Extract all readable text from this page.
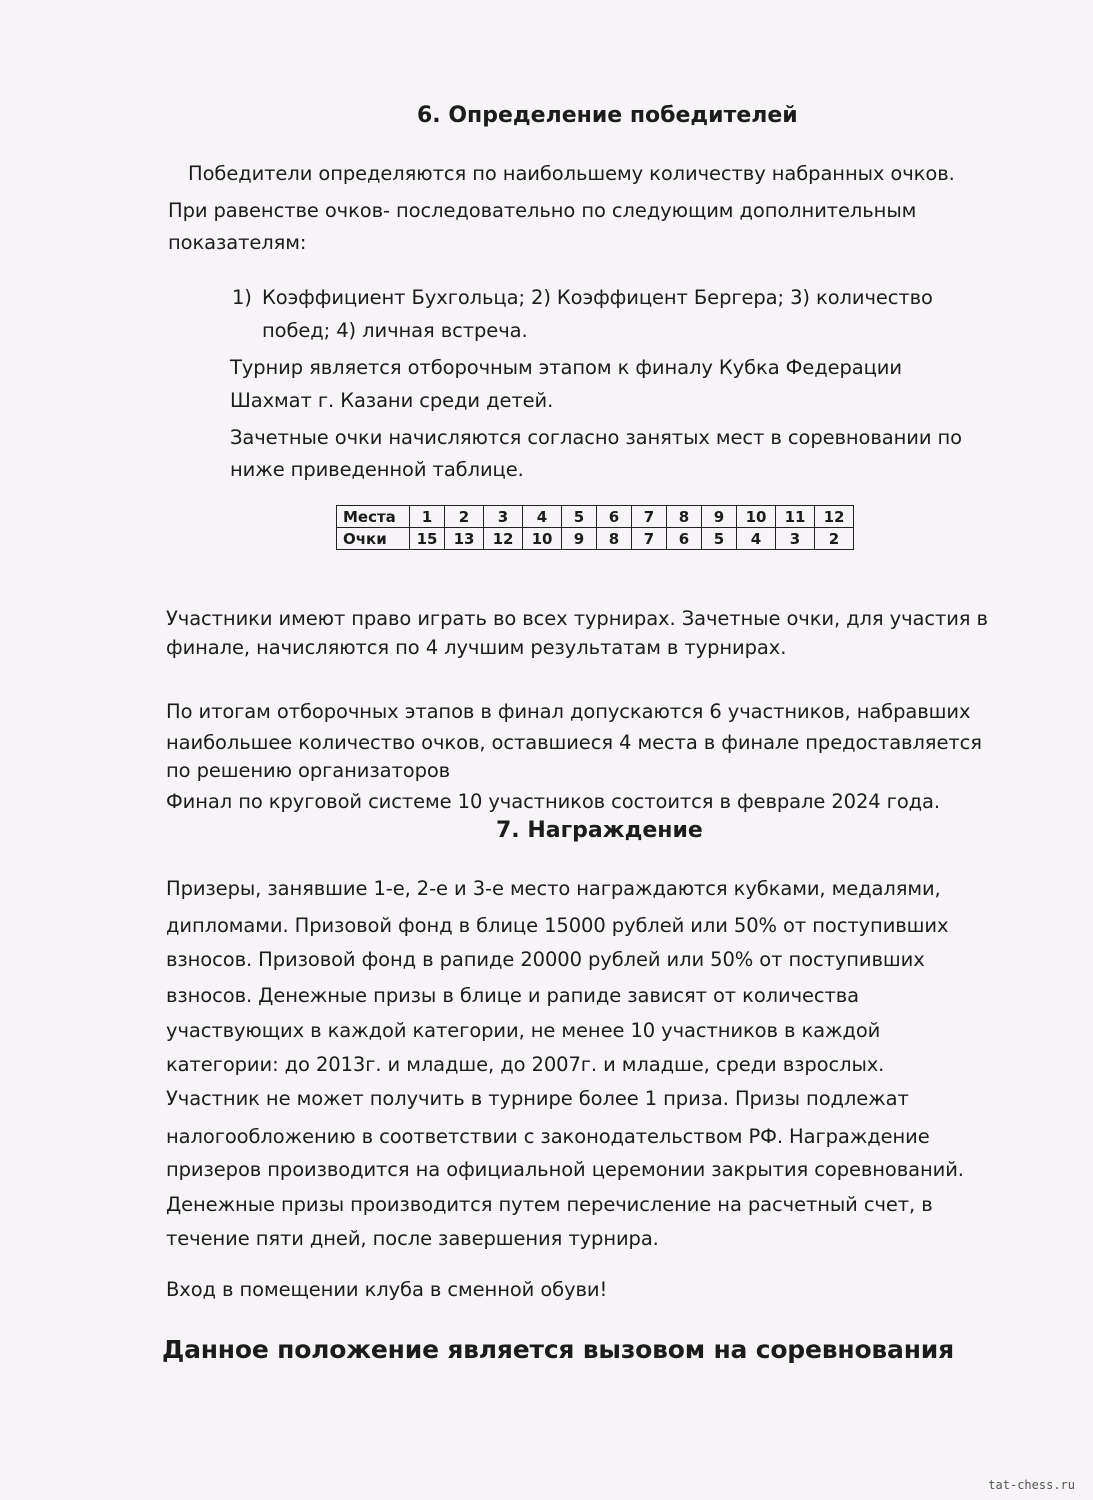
6. Определение победителей
Победители определяются по наибольшему количеству набранных очков.
При равенстве очков- последовательно по следующим дополнительным
показателям:
1) Коэффициент Бухгольца; 2) Коэффицент Бергера; 3) количество
побед; 4) личная встреча.
Турнир является отборочным этапом к финалу Кубка Федерации
Шахмат г. Казани среди детей.
Зачетные очки начисляются согласно занятых мест в соревновании по
ниже приведенной таблице.
Места	1	2	3	4	5	6	7	8	9	10	11	12
Очки	15	13	12	10	9	8	7	6	5	4	3	2
Участники имеют право играть во всех турнирах. Зачетные очки, для участия в
финале, начисляются по 4 лучшим результатам в турнирах.
По итогам отборочных этапов в финал допускаются 6 участников, набравших
наибольшее количество очков, оставшиеся 4 места в финале предоставляется
по решению организаторов
Финал по круговой системе 10 участников состоится в феврале 2024 года.
7. Награждение
Призеры, занявшие 1-е, 2-е и 3-е место награждаются кубками, медалями,
дипломами. Призовой фонд в блице 15000 рублей или 50% от поступивших
взносов. Призовой фонд в рапиде 20000 рублей или 50% от поступивших
взносов. Денежные призы в блице и рапиде зависят от количества
участвующих в каждой категории, не менее 10 участников в каждой
категории: до 2013г. и младше, до 2007г. и младше, среди взрослых.
Участник не может получить в турнире более 1 приза. Призы подлежат
налогообложению в соответствии с законодательством РФ. Награждение
призеров производится на официальной церемонии закрытия соревнований.
Денежные призы производится путем перечисление на расчетный счет, в
течение пяти дней, после завершения турнира.
Вход в помещении клуба в сменной обуви!
Данное положение является вызовом на соревнования
tat-chess.ru
